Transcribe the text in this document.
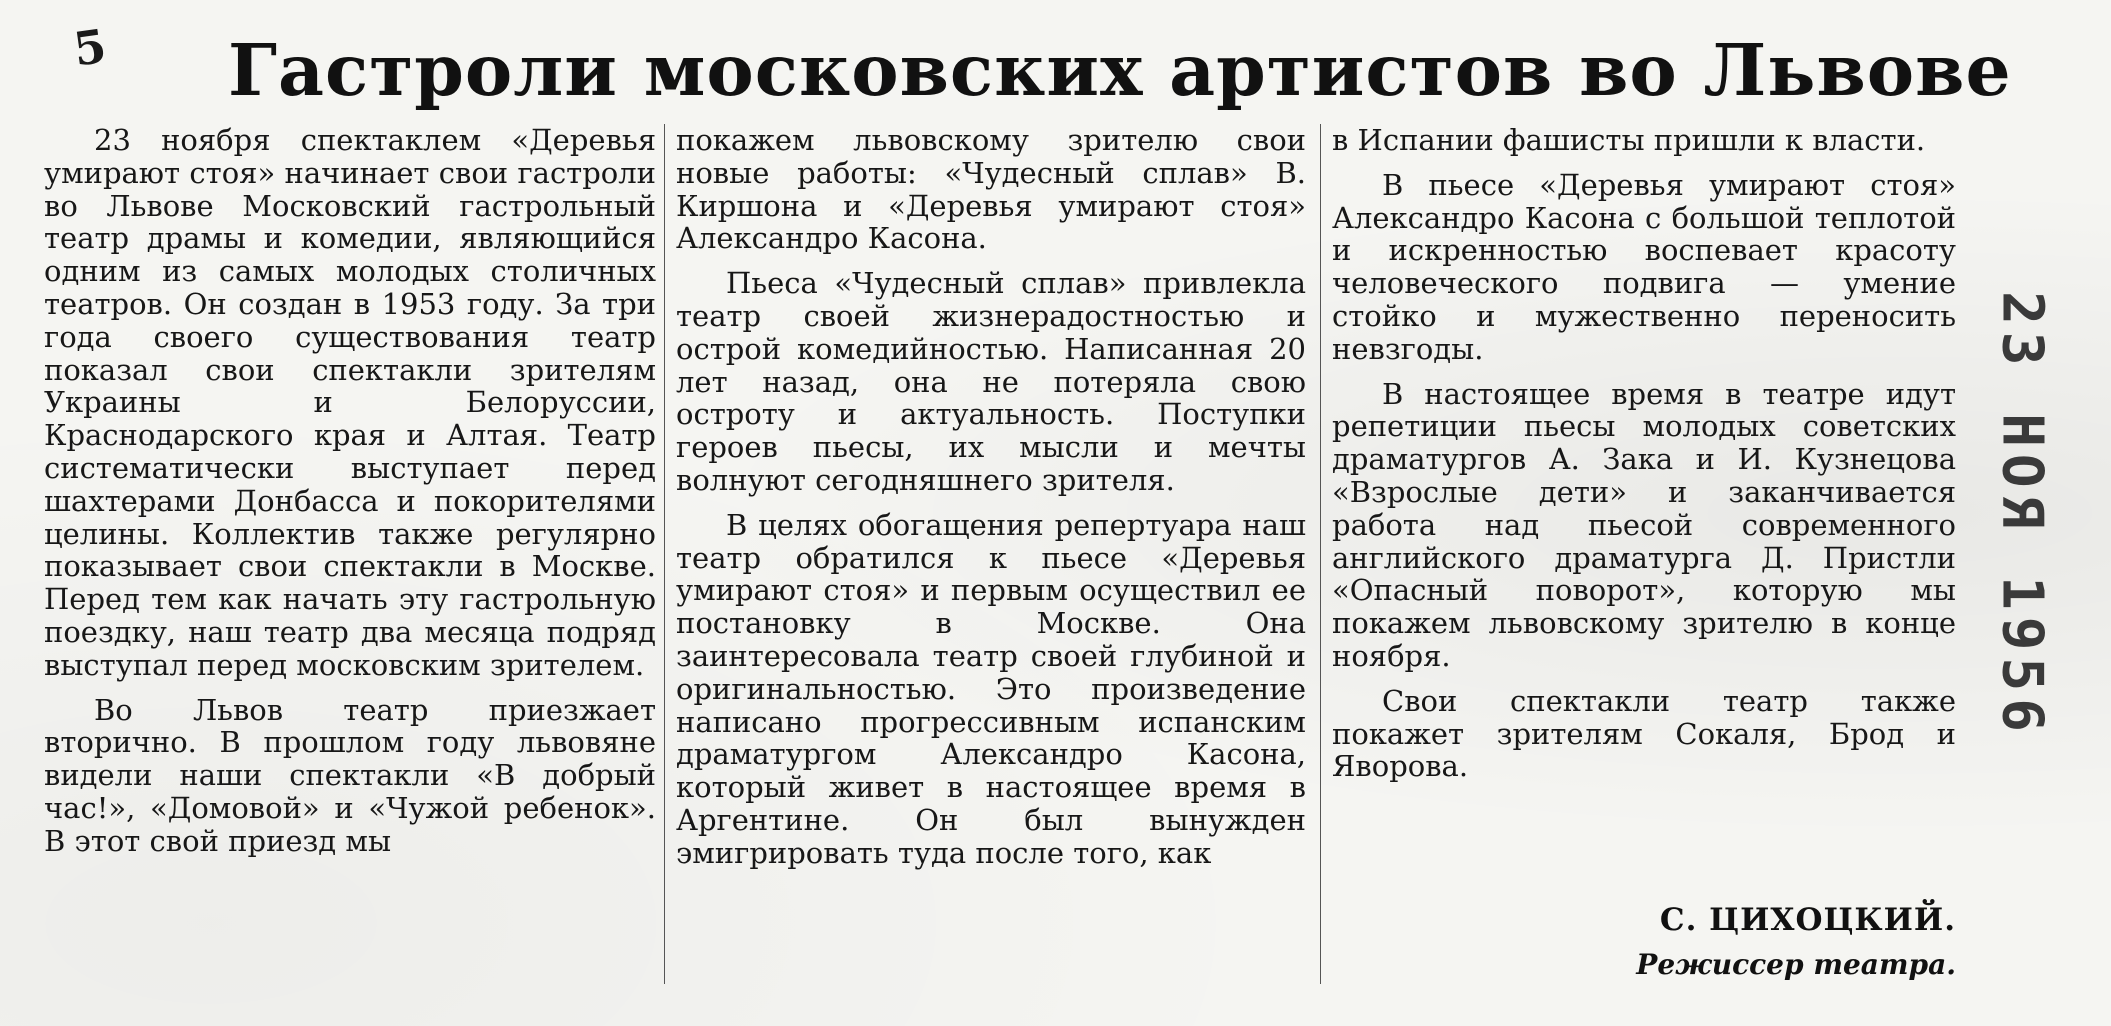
5	Гастроли московских артистов во Львове

23 ноября спектаклем «Деревья умирают стоя» начинает свои гастроли во Львове Московский гастрольный театр драмы и комедии, являющийся одним из самых молодых столичных театров. Он создан в 1953 году. За три года своего существования театр показал свои спектакли зрителям Украины и Белоруссии, Краснодарского края и Алтая. Театр систематически выступает перед шахтерами Донбасса и покорителями целины. Коллектив также регулярно показывает свои спектакли в Москве. Перед тем как начать эту гастрольную поездку, наш театр два месяца подряд выступал перед московским зрителем.

Во Львов театр приезжает вторично. В прошлом году львовяне видели наши спектакли «В добрый час!», «Домовой» и «Чужой ребенок». В этот свой приезд мы

покажем львовскому зрителю свои новые работы: «Чудесный сплав» В. Киршона и «Деревья умирают стоя» Александро Касона.

Пьеса «Чудесный сплав» привлекла театр своей жизнерадостностью и острой комедийностью. Написанная 20 лет назад, она не потеряла свою остроту и актуальность. Поступки героев пьесы, их мысли и мечты волнуют сегодняшнего зрителя.

В целях обогащения репертуара наш театр обратился к пьесе «Деревья умирают стоя» и первым осуществил ее постановку в Москве. Она заинтересовала театр своей глубиной и оригинальностью. Это произведение написано прогрессивным испанским драматургом Александро Касона, который живет в настоящее время в Аргентине. Он был вынужден эмигрировать туда после того, как

в Испании фашисты пришли к власти.

В пьесе «Деревья умирают стоя» Александро Касона с большой теплотой и искренностью воспевает красоту человеческого подвига — умение стойко и мужественно переносить невзгоды.

В настоящее время в театре идут репетиции пьесы молодых советских драматургов А. Зака и И. Кузнецова «Взрослые дети» и заканчивается работа над пьесой современного английского драматурга Д. Пристли «Опасный поворот», которую мы покажем львовскому зрителю в конце ноября.

Свои спектакли театр также покажет зрителям Сокаля, Брод и Яворова.

С. ЦИХОЦКИЙ.
Режиссер театра.
23 НОЯ 1956
